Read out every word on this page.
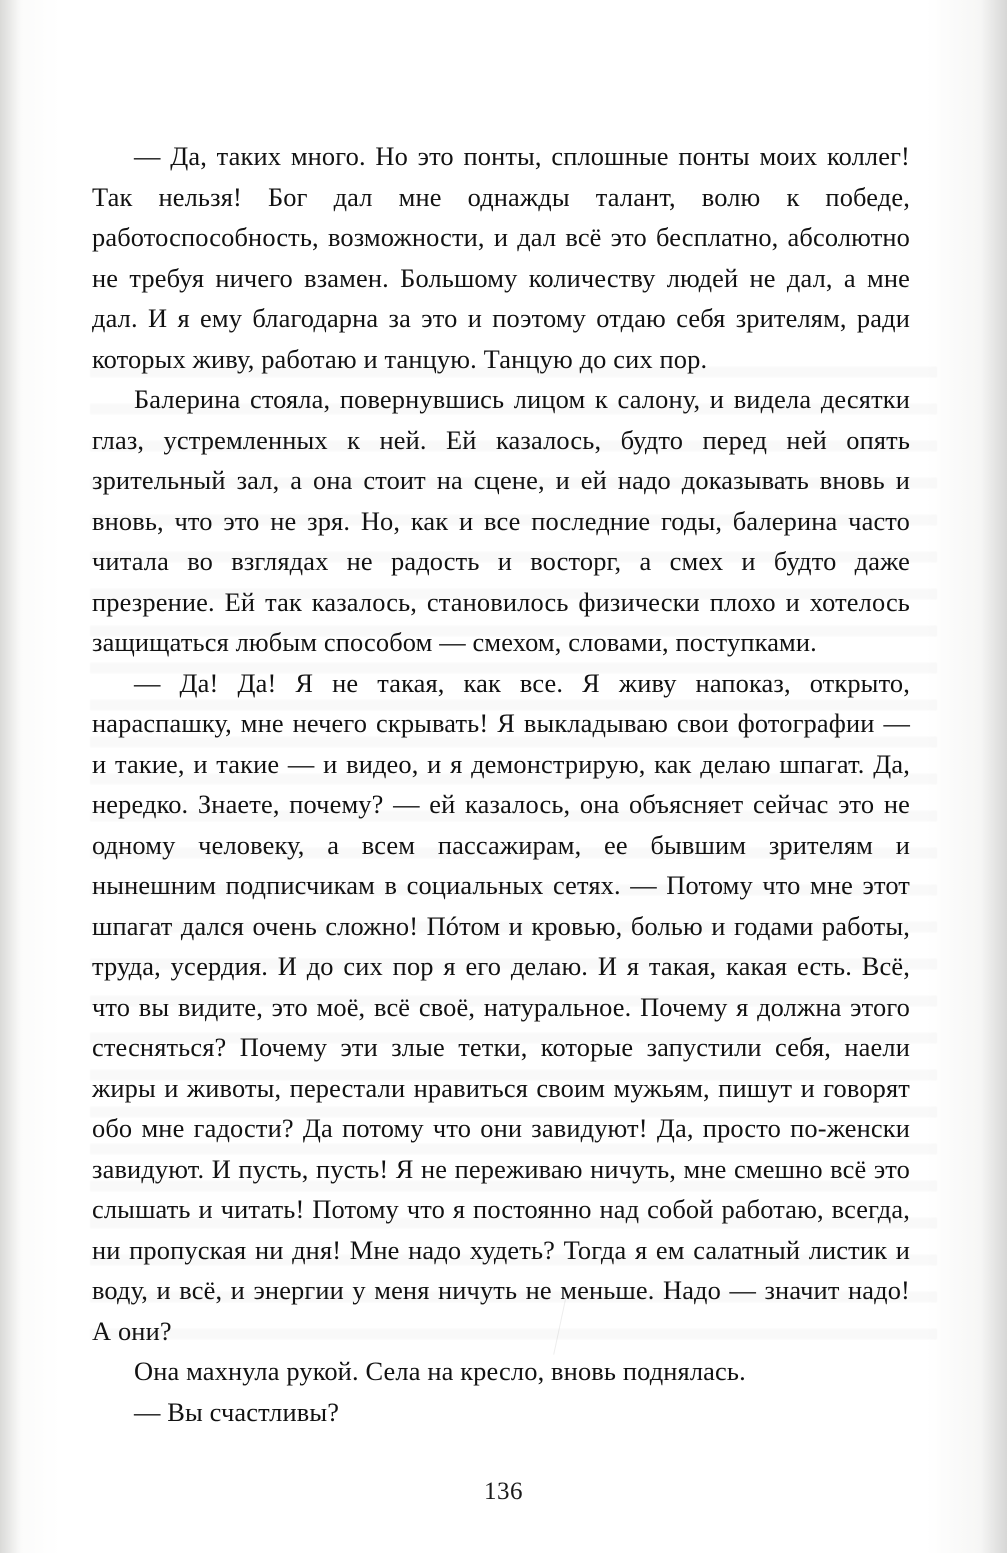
— Да, таких много. Но это понты, сплошные понты моих коллег! Так нельзя! Бог дал мне однажды талант, волю к победе, работоспособность, возможности, и дал всё это бесплатно, абсолютно не требуя ничего взамен. Большому количеству людей не дал, а мне дал. И я ему благодарна за это и поэтому отдаю себя зрителям, ради которых живу, работаю и танцую. Танцую до сих пор.

Балерина стояла, повернувшись лицом к салону, и видела десятки глаз, устремленных к ней. Ей казалось, будто перед ней опять зрительный зал, а она стоит на сцене, и ей надо доказывать вновь и вновь, что это не зря. Но, как и все последние годы, балерина часто читала во взглядах не радость и восторг, а смех и будто даже презрение. Ей так казалось, становилось физически плохо и хотелось защищаться любым способом — смехом, словами, поступками.

— Да! Да! Я не такая, как все. Я живу напоказ, открыто, нараспашку, мне нечего скрывать! Я выкладываю свои фотографии — и такие, и такие — и видео, и я демонстрирую, как делаю шпагат. Да, нередко. Знаете, почему? — ей казалось, она объясняет сейчас это не одному человеку, а всем пассажирам, ее бывшим зрителям и нынешним подписчикам в социальных сетях. — Потому что мне этот шпагат дался очень сложно! Пóтом и кровью, болью и годами работы, труда, усердия. И до сих пор я его делаю. И я такая, какая есть. Всё, что вы видите, это моё, всё своё, натуральное. Почему я должна этого стесняться? Почему эти злые тетки, которые запустили себя, наели жиры и животы, перестали нравиться своим мужьям, пишут и говорят обо мне гадости? Да потому что они завидуют! Да, просто по-женски завидуют. И пусть, пусть! Я не переживаю ничуть, мне смешно всё это слышать и читать! Потому что я постоянно над собой работаю, всегда, ни пропуская ни дня! Мне надо худеть? Тогда я ем салатный листик и воду, и всё, и энергии у меня ничуть не меньше. Надо — значит надо! А они?

Она махнула рукой. Села на кресло, вновь поднялась.

— Вы счастливы?

136
